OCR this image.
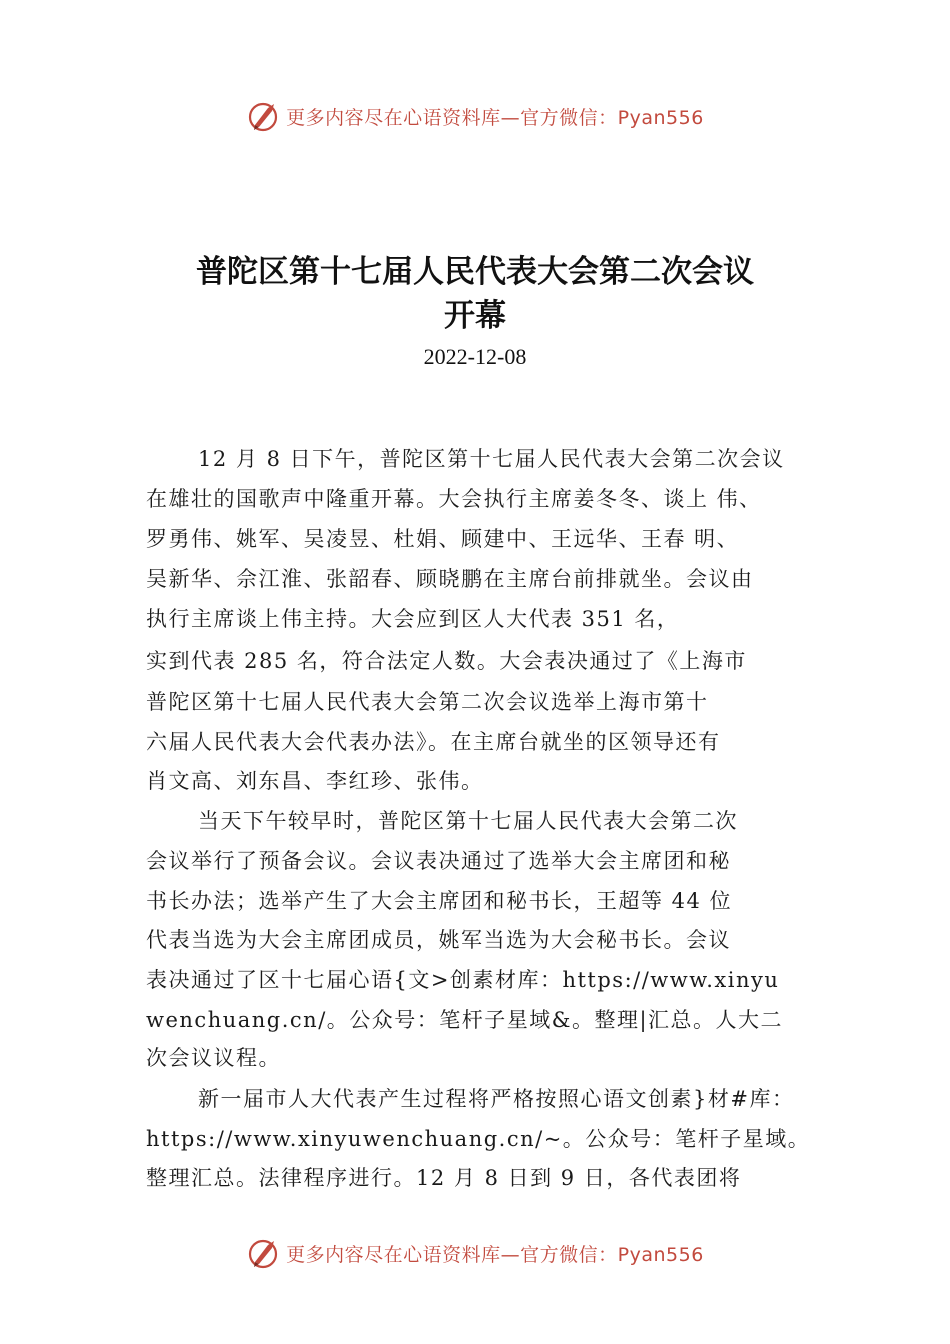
更多内容尽在心语资料库—官方微信：Pyan556
普陀区第十七届人民代表大会第二次会议
开幕
2022-12-08
12 月 8 日下午，普陀区第十七届人民代表大会第二次会议
在雄壮的国歌声中隆重开幕。大会执行主席姜冬冬、谈上 伟、
罗勇伟、姚军、吴凌昱、杜娟、顾建中、王远华、王春 明、
吴新华、佘江淮、张韶春、顾晓鹏在主席台前排就坐。会议由
执行主席谈上伟主持。大会应到区人大代表 351 名，
实到代表 285 名，符合法定人数。大会表决通过了《上海市
普陀区第十七届人民代表大会第二次会议选举上海市第十
六届人民代表大会代表办法》。在主席台就坐的区领导还有
肖文高、刘东昌、李红珍、张伟。
当天下午较早时，普陀区第十七届人民代表大会第二次
会议举行了预备会议。会议表决通过了选举大会主席团和秘
书长办法；选举产生了大会主席团和秘书长，王超等 44 位
代表当选为大会主席团成员，姚军当选为大会秘书长。会议
表决通过了区十七届心语{文>创素材库：https://www.xinyu
wenchuang.cn/。公众号：笔杆子星域&。整理|汇总。人大二
次会议议程。
新一届市人大代表产生过程将严格按照心语文创素}材#库：
https://www.xinyuwenchuang.cn/~。公众号：笔杆子星域。
整理汇总。法律程序进行。12 月 8 日到 9 日，各代表团将
更多内容尽在心语资料库—官方微信：Pyan556
